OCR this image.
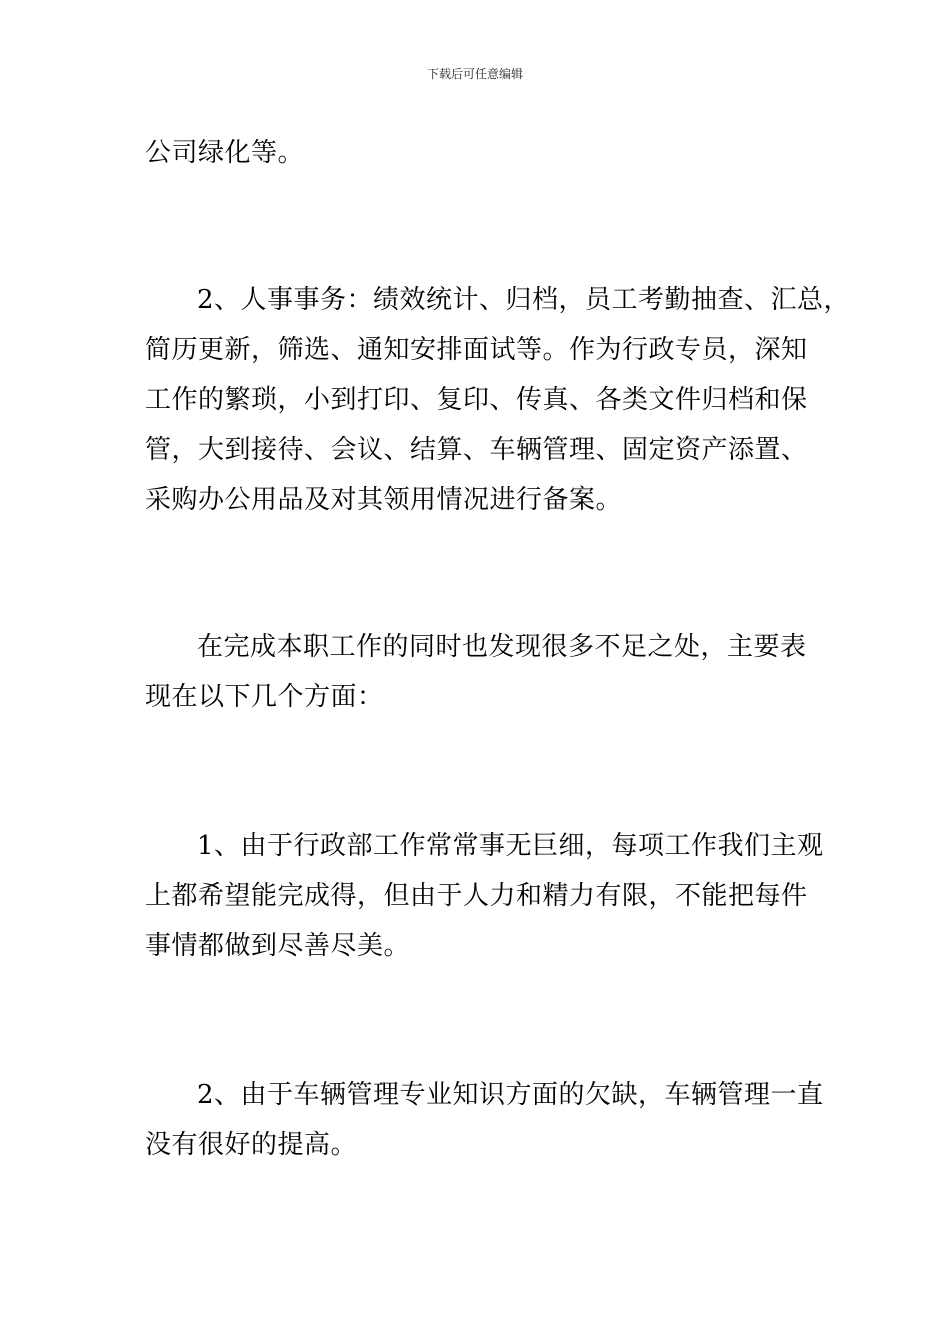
下载后可任意编辑
公司绿化等。
2、人事事务：绩效统计、归档，员工考勤抽查、汇总，
简历更新，筛选、通知安排面试等。作为行政专员，深知
工作的繁琐，小到打印、复印、传真、各类文件归档和保
管，大到接待、会议、结算、车辆管理、固定资产添置、
采购办公用品及对其领用情况进行备案。
在完成本职工作的同时也发现很多不足之处，主要表
现在以下几个方面：
1、由于行政部工作常常事无巨细，每项工作我们主观
上都希望能完成得，但由于人力和精力有限，不能把每件
事情都做到尽善尽美。
2、由于车辆管理专业知识方面的欠缺，车辆管理一直
没有很好的提高。
